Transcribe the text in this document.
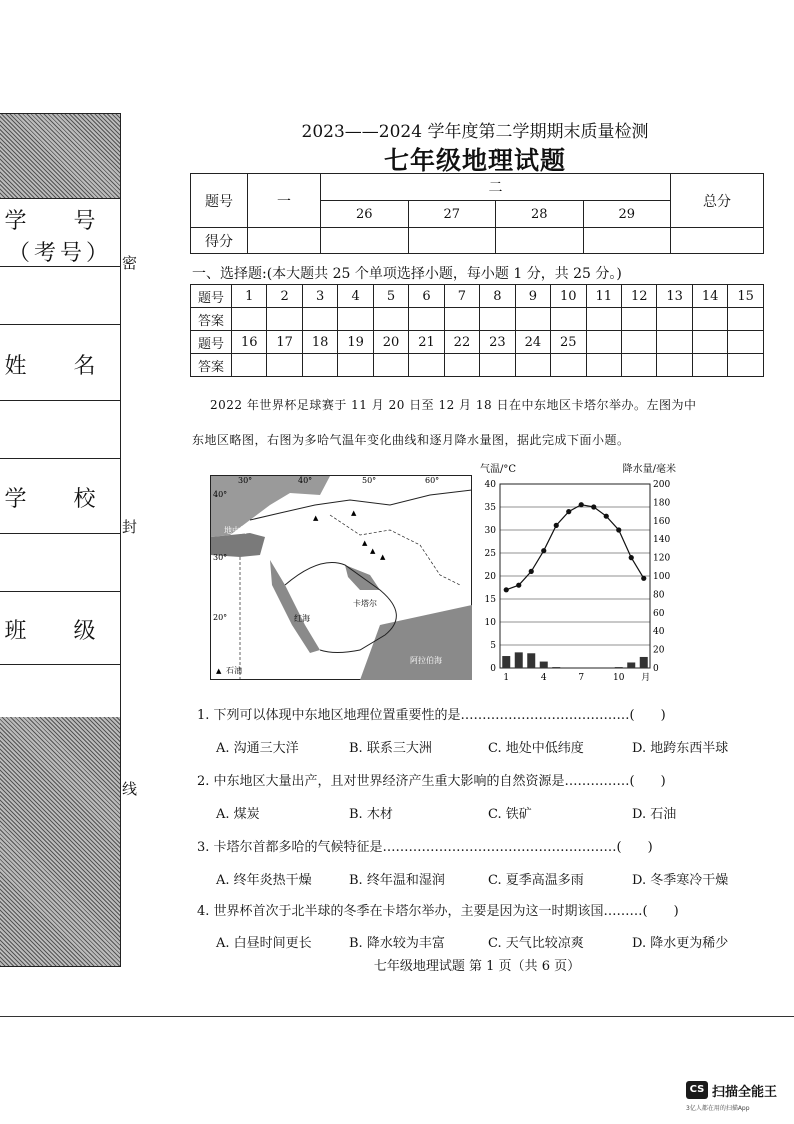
学 号
（考号）
姓 名
学 校
班 级
密
封
线
2023——2024 学年度第二学期期末质量检测
七年级地理试题
题号	一	二				总分
		26	27	28	29	
得分						
一、选择题:(本大题共 25 个单项选择小题，每小题 1 分，共 25 分。)
题号	1	2	3	4	5	6	7	8	9	10	11	12	13	14	15
答案															
题号	16	17	18	19	20	21	22	23	24	25					
答案															
2022 年世界杯足球赛于 11 月 20 日至 12 月 18 日在中东地区卡塔尔举办。左图为中
东地区略图，右图为多哈气温年变化曲线和逐月降水量图，据此完成下面小题。
▲
▲
▲
▲
▲
▲
30°	40°	50°	60°
40°
30°
20°
地中海
红海
卡塔尔
阿拉伯海
石油	0
5
10
15
20
25
30
35
40
0
20
40
60
80
100
120
140
160
180
200
气温/°C	降水量/毫米
1	4	7	10 月
1. 下列可以体现中东地区地理位置重要性的是…………………………………(　　)
A. 沟通三大洋	B. 联系三大洲	C. 地处中低纬度	D. 地跨东西半球
2. 中东地区大量出产，且对世界经济产生重大影响的自然资源是……………(　　)
A. 煤炭	B. 木材	C. 铁矿	D. 石油
3. 卡塔尔首都多哈的气候特征是………………………………………………(　　)
A. 终年炎热干燥	B. 终年温和湿润	C. 夏季高温多雨	D. 冬季寒冷干燥
4. 世界杯首次于北半球的冬季在卡塔尔举办，主要是因为这一时期该国………(　　)
A. 白昼时间更长	B. 降水较为丰富	C. 天气比较凉爽	D. 降水更为稀少
七年级地理试题 第 1 页（共 6 页）
CS 扫描全能王
3亿人都在用的扫描App
